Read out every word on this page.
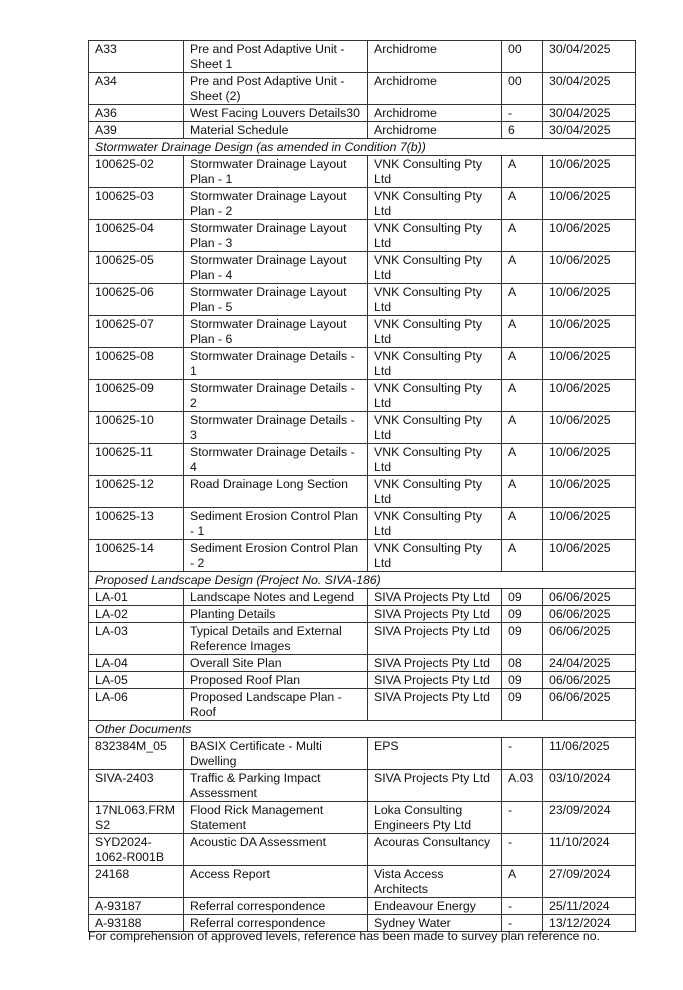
A33	Pre and Post Adaptive Unit - Sheet 1	Archidrome	00	30/04/2025
A34	Pre and Post Adaptive Unit - Sheet (2)	Archidrome	00	30/04/2025
A36	West Facing Louvers Details30	Archidrome	-	30/04/2025
A39	Material Schedule	Archidrome	6	30/04/2025
Stormwater Drainage Design (as amended in Condition 7(b))				
100625-02	Stormwater Drainage Layout Plan - 1	VNK Consulting Pty Ltd	A	10/06/2025
100625-03	Stormwater Drainage Layout Plan - 2	VNK Consulting Pty Ltd	A	10/06/2025
100625-04	Stormwater Drainage Layout Plan - 3	VNK Consulting Pty Ltd	A	10/06/2025
100625-05	Stormwater Drainage Layout Plan - 4	VNK Consulting Pty Ltd	A	10/06/2025
100625-06	Stormwater Drainage Layout Plan - 5	VNK Consulting Pty Ltd	A	10/06/2025
100625-07	Stormwater Drainage Layout Plan - 6	VNK Consulting Pty Ltd	A	10/06/2025
100625-08	Stormwater Drainage Details - 1	VNK Consulting Pty Ltd	A	10/06/2025
100625-09	Stormwater Drainage Details - 2	VNK Consulting Pty Ltd	A	10/06/2025
100625-10	Stormwater Drainage Details - 3	VNK Consulting Pty Ltd	A	10/06/2025
100625-11	Stormwater Drainage Details - 4	VNK Consulting Pty Ltd	A	10/06/2025
100625-12	Road Drainage Long Section	VNK Consulting Pty Ltd	A	10/06/2025
100625-13	Sediment Erosion Control Plan - 1	VNK Consulting Pty Ltd	A	10/06/2025
100625-14	Sediment Erosion Control Plan - 2	VNK Consulting Pty Ltd	A	10/06/2025
Proposed Landscape Design (Project No. SIVA-186)				
LA-01	Landscape Notes and Legend	SIVA Projects Pty Ltd	09	06/06/2025
LA-02	Planting Details	SIVA Projects Pty Ltd	09	06/06/2025
LA-03	Typical Details and External Reference Images	SIVA Projects Pty Ltd	09	06/06/2025
LA-04	Overall Site Plan	SIVA Projects Pty Ltd	08	24/04/2025
LA-05	Proposed Roof Plan	SIVA Projects Pty Ltd	09	06/06/2025
LA-06	Proposed Landscape Plan - Roof	SIVA Projects Pty Ltd	09	06/06/2025
Other Documents				
832384M_05	BASIX Certificate - Multi Dwelling	EPS	-	11/06/2025
SIVA-2403	Traffic & Parking Impact Assessment	SIVA Projects Pty Ltd	A.03	03/10/2024
17NL063.FRM S2	Flood Rick Management Statement	Loka Consulting Engineers Pty Ltd	-	23/09/2024
SYD2024-1062-R001B	Acoustic DA Assessment	Acouras Consultancy	-	11/10/2024
24168	Access Report	Vista Access Architects	A	27/09/2024
A-93187	Referral correspondence	Endeavour Energy	-	25/11/2024
A-93188	Referral correspondence	Sydney Water	-	13/12/2024
For comprehension of approved levels, reference has been made to survey plan reference no.
